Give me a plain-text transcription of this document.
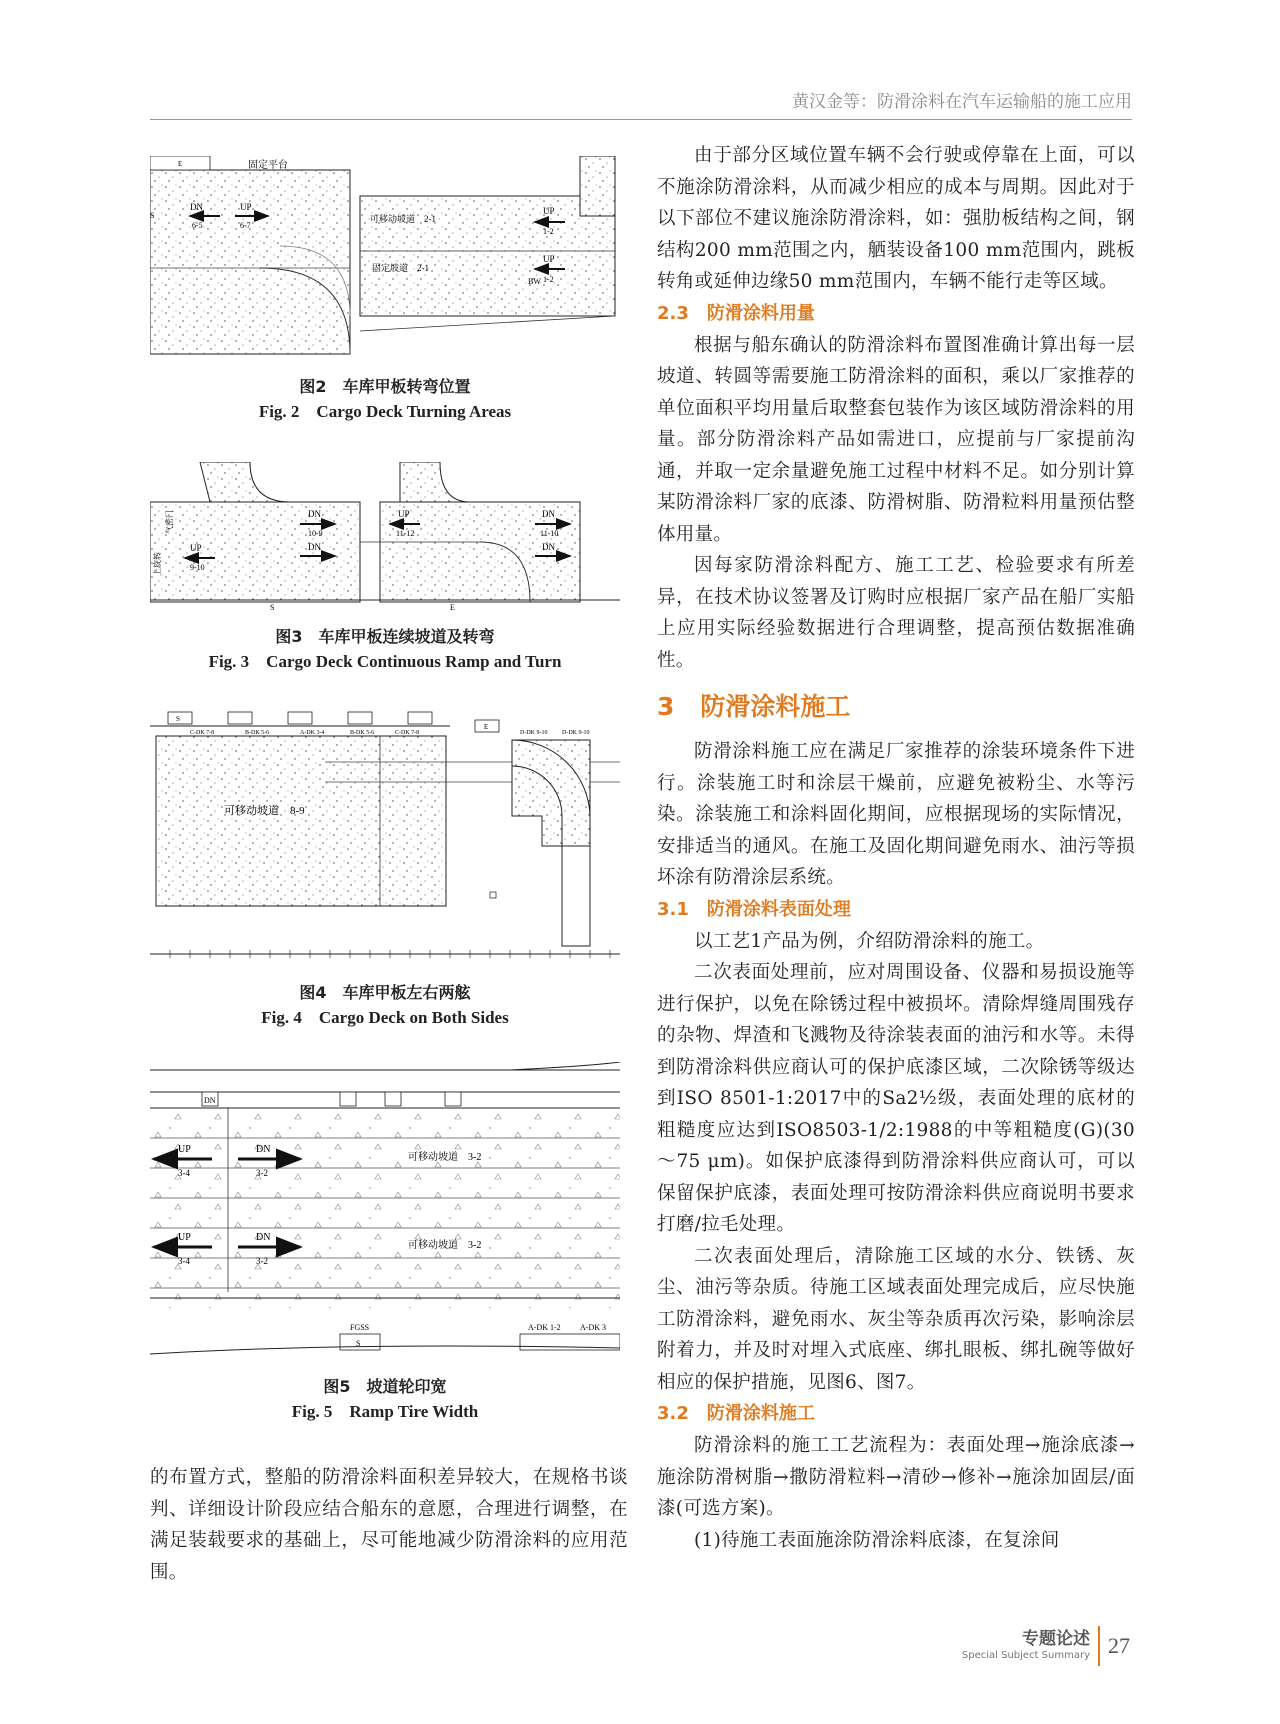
黄汉金等：防滑涂料在汽车运输船的施工应用
E	固定平台
DN
6-5
UP
6-7
S	可移动坡道　2-1
固定坡道　2-1
UP
1-2
UP
1-2
BW
图2　车库甲板转弯位置
Fig. 2　Cargo Deck Turning Areas
上旋转
气密门
UP
9-10
DN
10-9
DN
UP
11-12
DN
11-10
DN
S	E
图3　车库甲板连续坡道及转弯
Fig. 3　Cargo Deck Continuous Ramp and Turn
S
E
C-DK 7-8	B-DK 5-6	A-DK 3-4	B-DK 5-6	C-DK 7-8	D-DK 9-10 D-DK 9-10
可移动坡道　8-9
图4　车库甲板左右两舷
Fig. 4　Cargo Deck on Both Sides
DN
UP
3-4
DN
3-2
可移动坡道　3-2
UP
3-4
DN
3-2
可移动坡道　3-2
FGSS
S
A-DK 1-2 A-DK 3
图5　坡道轮印宽
Fig. 5　Ramp Tire Width

的布置方式，整船的防滑涂料面积差异较大，在规格书谈判、详细设计阶段应结合船东的意愿，合理进行调整，在满足装载要求的基础上，尽可能地减少防滑涂料的应用范围。

由于部分区域位置车辆不会行驶或停靠在上面，可以不施涂防滑涂料，从而减少相应的成本与周期。因此对于以下部位不建议施涂防滑涂料，如：强肋板结构之间，钢结构200 mm范围之内，舾装设备100 mm范围内，跳板转角或延伸边缘50 mm范围内，车辆不能行走等区域。

2.3 防滑涂料用量

根据与船东确认的防滑涂料布置图准确计算出每一层坡道、转圆等需要施工防滑涂料的面积，乘以厂家推荐的单位面积平均用量后取整套包装作为该区域防滑涂料的用量。部分防滑涂料产品如需进口，应提前与厂家提前沟通，并取一定余量避免施工过程中材料不足。如分别计算某防滑涂料厂家的底漆、防滑树脂、防滑粒料用量预估整体用量。

因每家防滑涂料配方、施工工艺、检验要求有所差异，在技术协议签署及订购时应根据厂家产品在船厂实船上应用实际经验数据进行合理调整，提高预估数据准确性。

3 防滑涂料施工

防滑涂料施工应在满足厂家推荐的涂装环境条件下进行。涂装施工时和涂层干燥前，应避免被粉尘、水等污染。涂装施工和涂料固化期间，应根据现场的实际情况，安排适当的通风。在施工及固化期间避免雨水、油污等损坏涂有防滑涂层系统。

3.1 防滑涂料表面处理

以工艺1产品为例，介绍防滑涂料的施工。

二次表面处理前，应对周围设备、仪器和易损设施等进行保护，以免在除锈过程中被损坏。清除焊缝周围残存的杂物、焊渣和飞溅物及待涂装表面的油污和水等。未得到防滑涂料供应商认可的保护底漆区域，二次除锈等级达到ISO 8501-1:2017中的Sa2½级，表面处理的底材的粗糙度应达到ISO8503-1/2:1988的中等粗糙度(G)(30～75 μm)。如保护底漆得到防滑涂料供应商认可，可以保留保护底漆，表面处理可按防滑涂料供应商说明书要求打磨/拉毛处理。

二次表面处理后，清除施工区域的水分、铁锈、灰尘、油污等杂质。待施工区域表面处理完成后，应尽快施工防滑涂料，避免雨水、灰尘等杂质再次污染，影响涂层附着力，并及时对埋入式底座、绑扎眼板、绑扎碗等做好相应的保护措施，见图6、图7。

3.2 防滑涂料施工

防滑涂料的施工工艺流程为：表面处理→施涂底漆→施涂防滑树脂→撒防滑粒料→清砂→修补→施涂加固层/面漆(可选方案)。

(1)待施工表面施涂防滑涂料底漆，在复涂间

专题论述
Special Subject Summary 27
